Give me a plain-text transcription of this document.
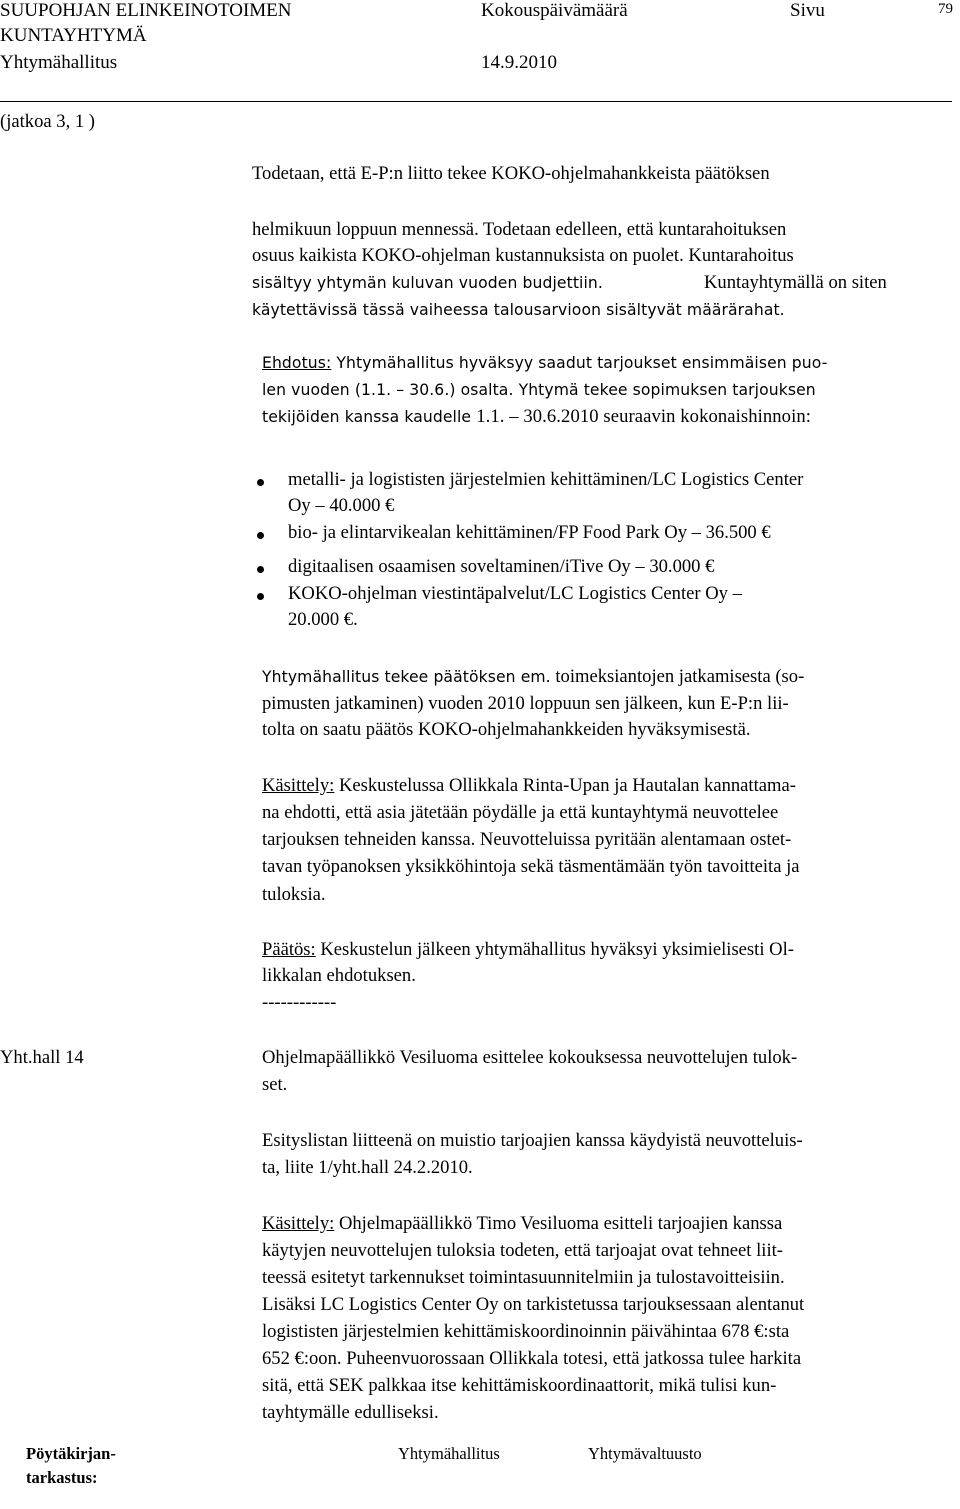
SUUPOHJAN ELINKEINOTOIMEN
KUNTAYHTYMÄ
Yhtymähallitus
Kokouspäivämäärä
14.9.2010
Sivu	79
(jatkoa 3, 1 )
Todetaan, että E-P:n liitto tekee KOKO-ohjelmahankkeista päätöksen
helmikuun loppuun mennessä. Todetaan edelleen, että kuntarahoituksen
osuus kaikista KOKO-ohjelman kustannuksista on puolet. Kuntarahoitus
sisältyy yhtymän kuluvan vuoden budjettiin.	Kuntayhtymällä on siten
käytettävissä tässä vaiheessa talousarvioon sisältyvät määrärahat.
Ehdotus: Yhtymähallitus hyväksyy saadut tarjoukset ensimmäisen puo-
len vuoden (1.1. – 30.6.) osalta. Yhtymä tekee sopimuksen tarjouksen
tekijöiden kanssa kaudelle 1.1. – 30.6.2010 seuraavin kokonaishinnoin:
metalli- ja logististen järjestelmien kehittäminen/LC Logistics Center
Oy – 40.000 €
bio- ja elintarvikealan kehittäminen/FP Food Park Oy – 36.500 €
digitaalisen osaamisen soveltaminen/iTive Oy – 30.000 €
KOKO-ohjelman viestintäpalvelut/LC Logistics Center Oy –
20.000 €.
Yhtymähallitus tekee päätöksen em. toimeksiantojen jatkamisesta (so-
pimusten jatkaminen) vuoden 2010 loppuun sen jälkeen, kun E-P:n lii-
tolta on saatu päätös KOKO-ohjelmahankkeiden hyväksymisestä.
Käsittely: Keskustelussa Ollikkala Rinta-Upan ja Hautalan kannattama-
na ehdotti, että asia jätetään pöydälle ja että kuntayhtymä neuvottelee
tarjouksen tehneiden kanssa. Neuvotteluissa pyritään alentamaan ostet-
tavan työpanoksen yksikköhintoja sekä täsmentämään työn tavoitteita ja
tuloksia.
Päätös: Keskustelun jälkeen yhtymähallitus hyväksyi yksimielisesti Ol-
likkalan ehdotuksen.
------------
Yht.hall 14	Ohjelmapäällikkö Vesiluoma esittelee kokouksessa neuvottelujen tulok-
set.
Esityslistan liitteenä on muistio tarjoajien kanssa käydyistä neuvotteluis-
ta, liite 1/yht.hall 24.2.2010.
Käsittely: Ohjelmapäällikkö Timo Vesiluoma esitteli tarjoajien kanssa
käytyjen neuvottelujen tuloksia todeten, että tarjoajat ovat tehneet liit-
teessä esitetyt tarkennukset toimintasuunnitelmiin ja tulostavoitteisiin.
Lisäksi LC Logistics Center Oy on tarkistetussa tarjouksessaan alentanut
logististen järjestelmien kehittämiskoordinoinnin päivähintaa 678 €:sta
652 €:oon. Puheenvuorossaan Ollikkala totesi, että jatkossa tulee harkita
sitä, että SEK palkkaa itse kehittämiskoordinaattorit, mikä tulisi kun-
tayhtymälle edulliseksi.
Pöytäkirjan-
tarkastus:
Yhtymähallitus	Yhtymävaltuusto
